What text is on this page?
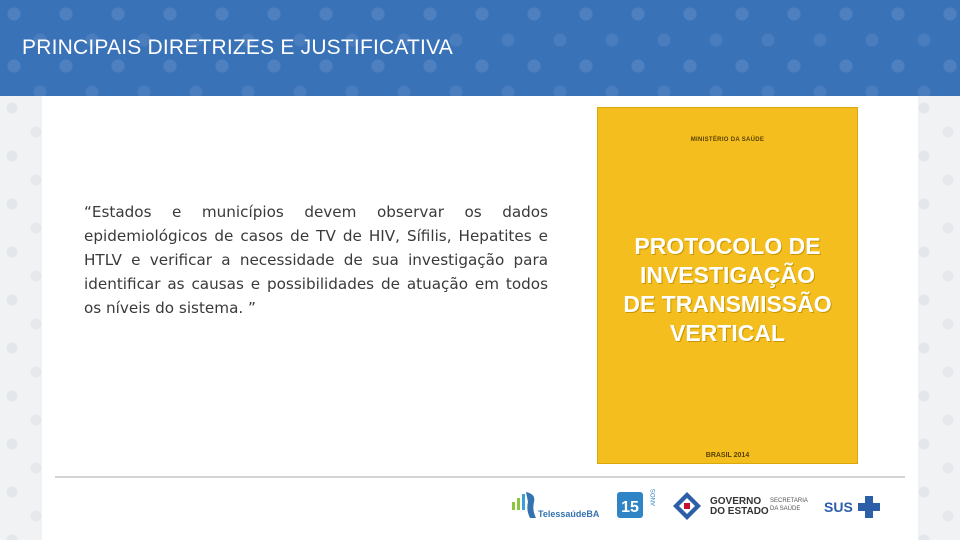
PRINCIPAIS DIRETRIZES E JUSTIFICATIVA

“Estados e municípios devem observar os dados epidemiológicos de casos de TV de HIV, Sífilis, Hepatites e HTLV e verificar a necessidade de sua investigação para identificar as causas e possibilidades de atuação em todos os níveis do sistema. ”

MINISTÉRIO DA SAÚDE
PROTOCOLO DE
INVESTIGAÇÃO
DE TRANSMISSÃO
VERTICAL
BRASIL 2014
TelessaúdeBA 15
ANOS	GOVERNO
DO ESTADO
SECRETARIA
DA SAÚDE	SUS
